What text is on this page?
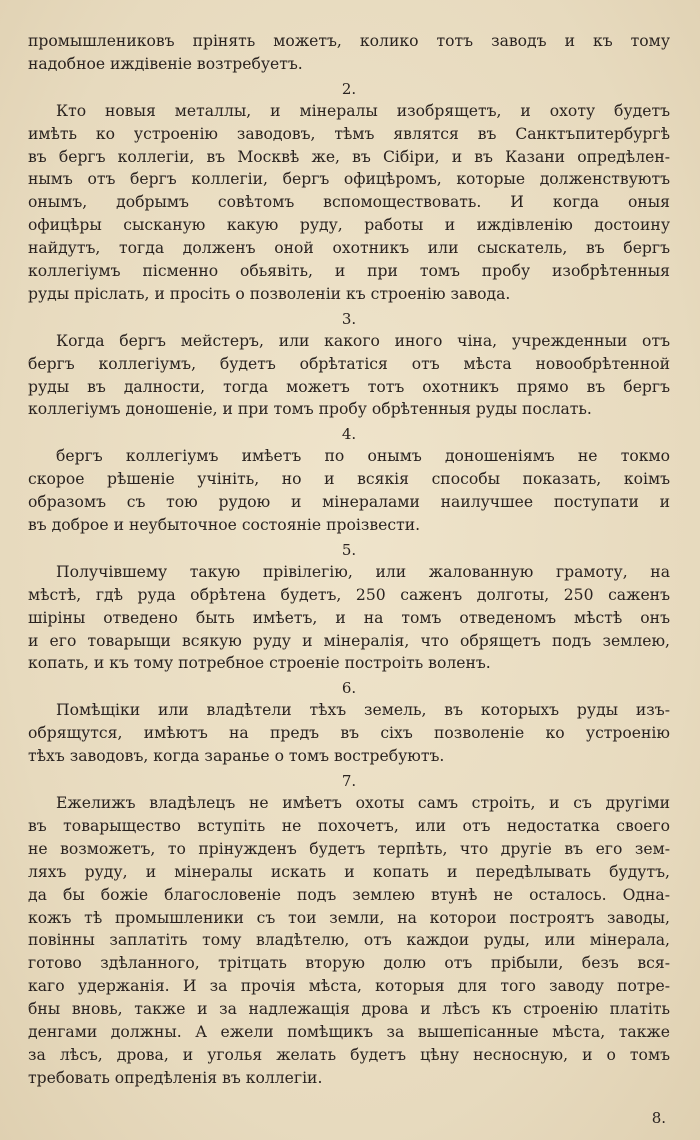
промышлениковъ прiнять можетъ, колико тотъ заводъ и къ тому
надобное иждiвенiе возтребуетъ.
2.
Кто новыя металлы, и мiнералы изобрящетъ, и охоту будетъ
имѣть ко устроенiю заводовъ, тѣмъ являтся въ Санктъпитербургѣ
въ бергъ коллегiи, въ Москвѣ же, въ Сiбiри, и въ Казани опредѣлен-
нымъ отъ бергъ коллегiи, бергъ офицѣромъ, которые долженствуютъ
онымъ, добрымъ совѣтомъ вспомоществовать. И когда оныя
офицѣры сысканую какую руду, работы и иждiвленiю достоину
найдутъ, тогда долженъ оной охотникъ или сыскатель, въ бергъ
коллегiумъ пiсменно обьявiть, и при томъ пробу изобрѣтенныя
руды прiслать, и просiть о позволенiи къ строенiю завода.
3.
Когда бергъ мейстеръ, или какого иного чiна, учрежденныи отъ
бергъ коллегiумъ, будетъ обрѣтатiся отъ мѣста новообрѣтенной
руды въ далности, тогда можетъ тотъ охотникъ прямо въ бергъ
коллегiумъ доношенiе, и при томъ пробу обрѣтенныя руды послать.
4.
бергъ коллегiумъ имѣетъ по онымъ доношенiямъ не токмо
скорое рѣшенiе учiнiть, но и всякiя способы показать, коiмъ
образомъ съ тою рудою и мiнералами наилучшее поступати и
въ доброе и неубыточное состоянiе проiзвести.
5.
Получiвшему такую прiвiлегiю, или жалованную грамоту, на
мѣстѣ, гдѣ руда обрѣтена будетъ, 250 саженъ долготы, 250 саженъ
шiрiны отведено быть имѣетъ, и на томъ отведеномъ мѣстѣ онъ
и его товарыщи всякую руду и мiнералiя, что обрящетъ подъ землею,
копать, и къ тому потребное строенiе построiть воленъ.
6.
Помѣщiки или владѣтели тѣхъ земель, въ которыхъ руды изъ-
обрящутся, имѣютъ на предъ въ сiхъ позволенiе ко устроенiю
тѣхъ заводовъ, когда заранье о томъ востребуютъ.
7.
Ежелижъ владѣлецъ не имѣетъ охоты самъ строiть, и съ другiми
въ товарыщество вступiть не похочетъ, или отъ недостатка своего
не возможетъ, то прiнужденъ будетъ терпѣть, что другiе въ его зем-
ляхъ руду, и мiнералы искать и копать и передѣлывать будутъ,
да бы божiе благословенiе подъ землею втунѣ не осталось. Одна-
кожъ тѣ промышленики съ тои земли, на которои построятъ заводы,
повiнны заплатiть тому владѣтелю, отъ каждои руды, или мiнерала,
готово здѣланного, трiтцать вторую долю отъ прiбыли, безъ вся-
каго удержанiя. И за прочiя мѣста, которыя для того заводу потре-
бны вновь, также и за надлежащiя дрова и лѣсъ къ строенiю платiть
денгами должны. А ежели помѣщикъ за вышепiсанные мѣста, также
за лѣсъ, дрова, и уголья желать будетъ цѣну несносную, и о томъ
требовать опредѣленiя въ коллегiи.
8.
